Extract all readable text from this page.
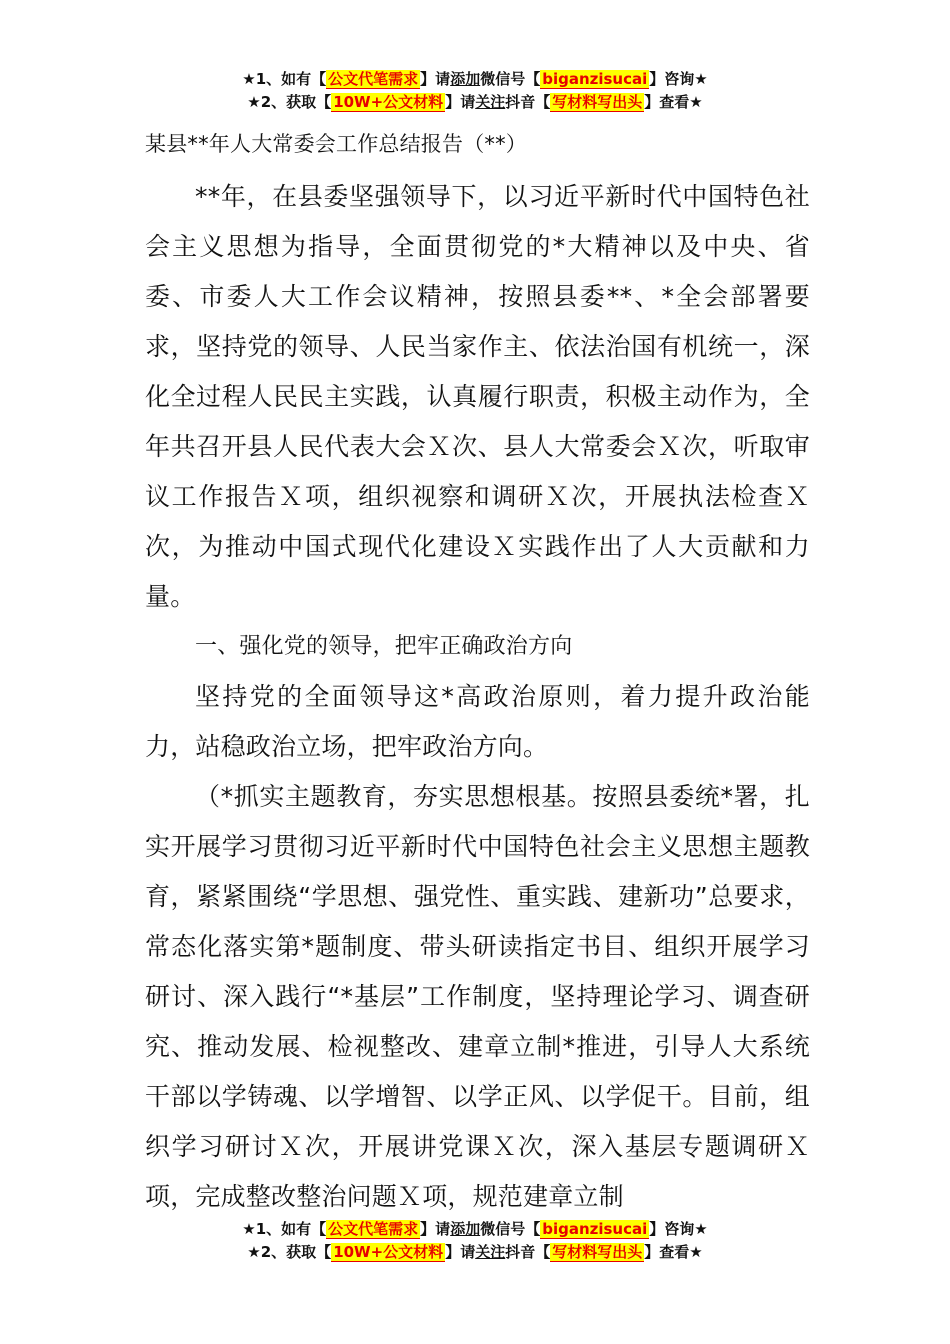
★1、如有【 公文代笔需求 】请添加微信号【 biganzisucai 】咨询★
★2、获取【 10W+公文材料 】请关注抖音【 写材料写出头 】查看★

某县**年人大常委会工作总结报告（**）

**年，在县委坚强领导下，以习近平新时代中国特色社会主义思想为指导，全面贯彻党的*大精神以及中央、省委、市委人大工作会议精神，按照县委**、*全会部署要求，坚持党的领导、人民当家作主、依法治国有机统一，深化全过程人民民主实践，认真履行职责，积极主动作为，全年共召开县人民代表大会Ｘ次、县人大常委会Ｘ次，听取审议工作报告Ｘ项，组织视察和调研Ｘ次，开展执法检查Ｘ次，为推动中国式现代化建设Ｘ实践作出了人大贡献和力量。

一、强化党的领导，把牢正确政治方向

坚持党的全面领导这*高政治原则，着力提升政治能力，站稳政治立场，把牢政治方向。

（*抓实主题教育，夯实思想根基。按照县委统*署，扎实开展学习贯彻习近平新时代中国特色社会主义思想主题教育，紧紧围绕“学思想、强党性、重实践、建新功”总要求，常态化落实第*题制度、带头研读指定书目、组织开展学习研讨、深入践行“*基层”工作制度，坚持理论学习、调查研究、推动发展、检视整改、建章立制*推进，引导人大系统干部以学铸魂、以学增智、以学正风、以学促干。目前，组织学习研讨Ｘ次，开展讲党课Ｘ次，深入基层专题调研Ｘ项，完成整改整治问题Ｘ项，规范建章立制

★1、如有【 公文代笔需求 】请添加微信号【 biganzisucai 】咨询★
★2、获取【 10W+公文材料 】请关注抖音【 写材料写出头 】查看★
